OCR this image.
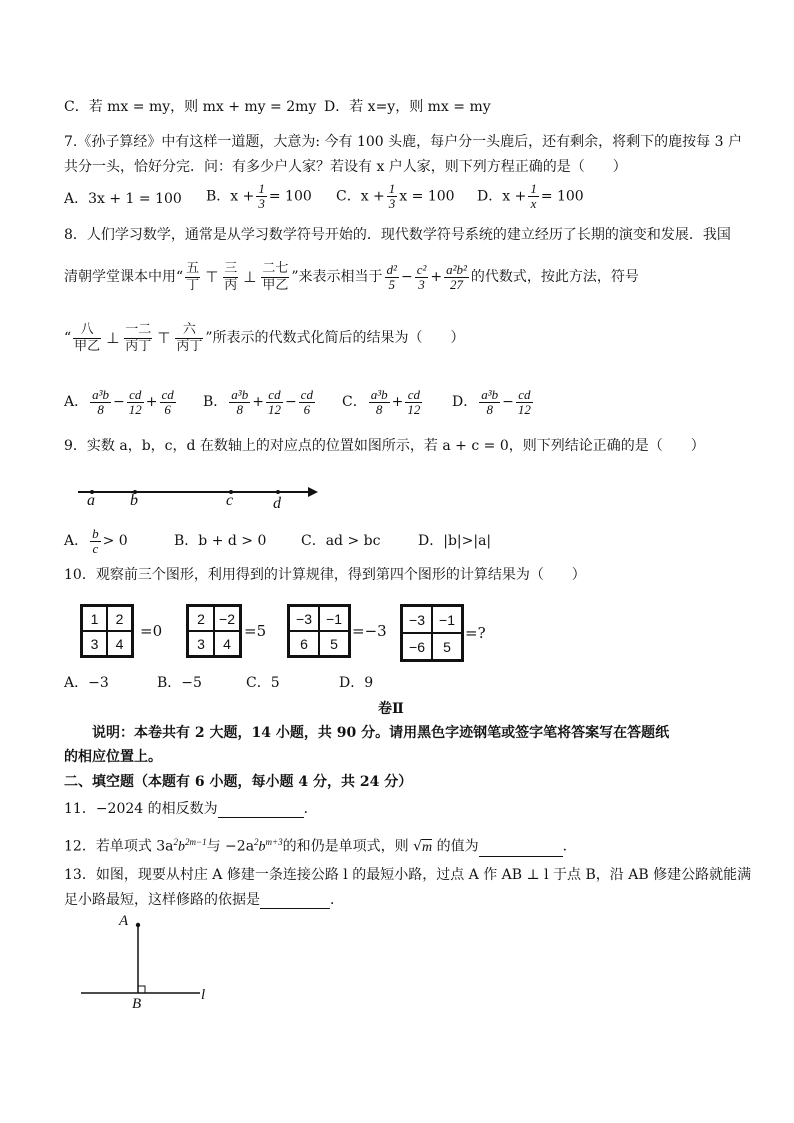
C．若 mx = my，则 mx + my = 2my D．若 x=y，则 mx = my
7.《孙子算经》中有这样一道题，大意为: 今有 100 头鹿，每户分一头鹿后，还有剩余，将剩下的鹿按每 3 户
共分一头，恰好分完．问：有多少户人家？若设有 x 户人家，则下列方程正确的是（　　）
A．3x + 1 = 100 B．$x + \frac{1}{3} = 100$ C．$x + \frac{1}{3}$ x = 100 D．$x + \frac{1}{x} = 100$
8．人们学习数学，通常是从学习数学符号开始的．现代数学符号系统的建立经历了长期的演变和发展．我国
清朝学堂课本中用“
五
丁 ⊤ 三
丙 ⊥ 二七
甲乙 ”来表示相当于 $\frac{\text{d²}}{5} - \frac{\text{c²}}{3} + \frac{\text{a²b²}}{27}$ 的代数式，按此方法，符号
“
八
甲乙 ⊥ 一二
丙丁 ⊤ 六
丙丁 ”所表示的代数式化简后的结果为（　　）
A． $\frac{\text{a³b}}{8} - \frac{cd}{12} + \frac{cd}{6}$ B． $\frac{\text{a³b}}{8} + \frac{cd}{12} - \frac{cd}{6}$ C． $\frac{\text{a³b}}{8} + \frac{cd}{12}$ D． $\frac{\text{a³b}}{8} - \frac{cd}{12}$
9．实数 a，b，c，d 在数轴上的对应点的位置如图所示，若 a + c = 0，则下列结论正确的是（　　）
a b	c d
A． $\frac{b}{c} > 0$	B．b + d > 0 C．ad > bc	D．|b|>|a|
10．观察前三个图形，利用得到的计算规律，得到第四个图形的计算结果为（　　）
1	2
3	4
=0
2	−2
3	4
=5
−3	−1
6	5
=−3
−3	−1
−6	5
=?
A．−3	B．−5	C．5	D．9
卷Ⅱ
说明：本卷共有 2 大题，14 小题，共 90 分。请用黑色字迹钢笔或签字笔将答案写在答题纸
的相应位置上。
二、填空题（本题有 6 小题，每小题 4 分，共 24 分）
11．−2024 的相反数为	．
12．若单项式 $3a^2b^{2m-1}$与 $-2a^2b^{m+3}$的和仍是单项式，则 √m 的值为	．
13．如图，现要从村庄 A 修建一条连接公路 l 的最短小路，过点 A 作 AB ⊥ l 于点 B，沿 AB 修建公路就能满
足小路最短，这样修路的依据是	．
A
B
l
